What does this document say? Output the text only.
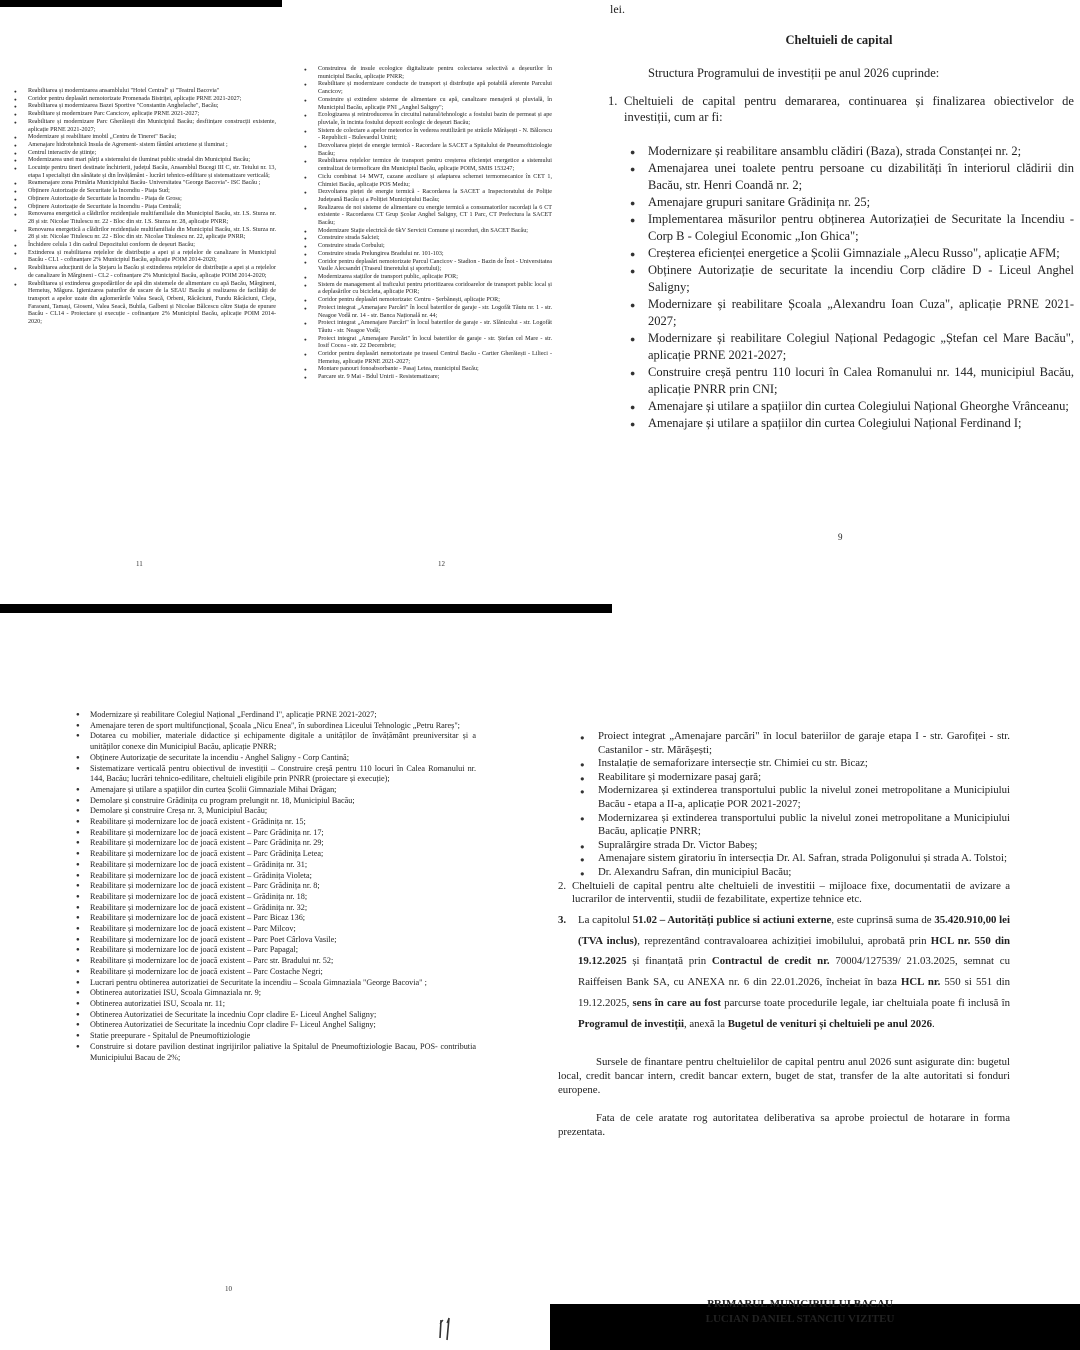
● Reabilitarea și modernizarea ansamblului "Hotel Central" și "Teatrul Bacovia"
● Coridor pentru deplasări nemotorizate Promenada Bistriței, aplicație PRNE 2021-2027;
● Reabilitarea și modernizarea Bazei Sportive "Constantin Anghelache", Bacău;
● Reabilitare și modernizare Parc Cancicov, aplicație PRNE 2021-2027;
● Reabilitare și modernizare Parc Gherăiești din Municipiul Bacău; desființare construcții existente, aplicație PRNE 2021-2027;
● Modernizare și reabilitare imobil „Centru de Tineret" Bacău;
● Amenajare hidrotehnică Insula de Agrement- sistem fântâni arteziene și iluminat ;
● Centrul interactiv de științe;
● Modernizarea unei mari părți a sistemului de iluminat public stradal din Municipiul Bacău;
● Locuințe pentru tineri destinate închirierii, județul Bacău, Ansamblul Bucegi III C, str. Teiului nr. 13, etapa I specialiști din sănătate și din învățământ - lucrări tehnico-edilitare și sistematizare verticală;
● Reamenajare zona Primăria Municipiului Bacău- Universitatea "George Bacovia"- ISC Bacău ;
● Obținere Autorizație de Securitate la Incendiu - Piața Sud;
● Obținere Autorizație de Securitate la Incendiu - Piața de Gross;
● Obținere Autorizație de Securitate la Incendiu - Piața Centrală;
● Renovarea energetică a clădirilor rezidențiale multifamiliale din Municipiul Bacău, str. I.S. Sturza nr. 28 și str. Nicolae Titulescu nr. 22 - Bloc din str. I.S. Sturza nr. 28, aplicație PNRR;
● Renovarea energetică a clădirilor rezidențiale multifamiliale din Municipiul Bacău, str. I.S. Sturza nr. 28 și str. Nicolae Titulescu nr. 22 - Bloc din str. Nicolae Titulescu nr. 22, aplicație PNRR;
● Închidere celula 1 din cadrul Depozitului conform de deșeuri Bacău;
● Extinderea și reabilitarea rețelelor de distribuție a apei și a rețelelor de canalizare în Municipiul Bacău - CL1 - cofinanțare 2% Municipiul Bacău, aplicație POIM 2014-2020;
● Reabilitarea aducțiunii de la Ștejaru la Bacău și extinderea rețelelor de distribuție a apei și a rețelelor de canalizare în Mărgineni - CL2 - cofinanțare 2% Municipiul Bacău, aplicație POIM 2014-2020;
● Reabilitarea și extinderea gospodăriilor de apă din sistemele de alimentare cu apă Bacău, Mărgineni, Hemeiuș, Măgura. Igienizarea paturilor de uscare de la SEAU Bacău și realizarea de facilități de transport a apelor uzate din aglomerările Valea Seacă, Orbeni, Răcăciuni, Fundu Răcăciuni, Cleja, Faraoani, Tamași, Gioseni, Valea Seacă, Buhila, Galbeni și Nicolae Bălcescu către Stația de epurare Bacău - CL14 - Proiectare și execuție - cofinanțare 2% Municipiul Bacău, aplicație POIM 2014-2020;
11
● Construirea de insule ecologice digitalizate pentru colectarea selectivă a deșeurilor în municipiul Bacău, aplicație PNRR;
● Reabilitare și modernizare conducte de transport și distribuție apă potabilă aferente Parcului Cancicov;
● Construire și extindere sisteme de alimentare cu apă, canalizare menajeră și pluvială, în Municipiul Bacău, aplicație PNI „Anghel Saligny";
● Ecologizarea și reintroducerea în circuitul natural/tehnologic a fostului bazin de permeat și ape pluviale, în incinta fostului depozit ecologic de deșeuri Bacău;
● Sistem de colectare a apelor meteorice în vederea reutilizării pe străzile Mărășești - N. Bălcescu - Republicii - Bulevardul Unirii;
● Dezvoltarea pieței de energie termică - Racordare la SACET a Spitalului de Pneumoftiziologie Bacău;
● Reabilitarea rețelelor termice de transport pentru creșterea eficienței energetice a sistemului centralizat de termoficare din Municipiul Bacău, aplicație POIM, SMIS 153247;
● Ciclu combinat 14 MWT, cazane auxiliare și adaptarea schemei termomecanice în CET 1, Chimiei Bacău, aplicație POS Mediu;
● Dezvoltarea pieței de energie termică - Racordarea la SACET a Inspectoratului de Poliție Județeană Bacău și a Poliției Municipiului Bacău;
● Realizarea de noi sisteme de alimentare cu energie termică a consumatorilor racordați la 6 CT existente - Racordarea CT Grup Școlar Anghel Saligny, CT 1 Parc, CT Prefectura la SACET Bacău;
● Modernizare Stație electrică de 6kV Servicii Comune și racorduri, din SACET Bacău;
● Construire strada Salciei;
● Construire strada Corbului;
● Construire strada Prelungirea Bradului nr. 101-103;
● Coridor pentru deplasări nemotorizate Parcul Cancicov - Stadion - Bazin de Înot - Universitatea Vasile Alecsandri (Traseul tineretului și sportului);
● Modernizarea stațiilor de transport public, aplicație POR;
● Sistem de management al traficului pentru prioritizarea coridoarelor de transport public local și a deplasărilor cu bicicleta, aplicație POR;
● Coridor pentru deplasări nemotorizate: Centru - Șerbănești, aplicație POR;
● Proiect integrat „Amenajare Parcări" în locul bateriilor de garaje - str. Logofăt Tăutu nr. 1 - str. Neagoe Vodă nr. 14 - str. Banca Națională nr. 44;
● Proiect integrat „Amenajare Parcări" în locul bateriilor de garaje - str. Slănicului - str. Logofăt Tăutu - str. Neagoe Vodă;
● Proiect integrat „Amenajare Parcări" în locul bateriilor de garaje - str. Ștefan cel Mare - str. Iosif Cocea - str. 22 Decembrie;
● Coridor pentru deplasări nemotorizate pe traseul Centrul Bacău - Cartier Gherăiești - Lilieci - Hemeiuș, aplicație PRNE 2021-2027;
● Montare panouri fonoabsorbante - Pasaj Letea, municipiul Bacău;
● Parcare str. 9 Mai - Bdul Unirii - Resistematizare;
12
lei.
Cheltuieli de capital
Structura Programului de investiții pe anul 2026 cuprinde:
1. Cheltuieli de capital pentru demararea, continuarea și finalizarea obiectivelor de investiții, cum ar fi:
● Modernizare și reabilitare ansamblu clădiri (Baza), strada Constanței nr. 2;
● Amenajarea unei toalete pentru persoane cu dizabilități în interiorul clădirii din Bacău, str. Henri Coandă nr. 2;
● Amenajare grupuri sanitare Grădinița nr. 25;
● Implementarea măsurilor pentru obținerea Autorizației de Securitate la Incendiu - Corp B - Colegiul Economic „Ion Ghica";
● Creșterea eficienței energetice a Școlii Gimnaziale „Alecu Russo", aplicație AFM;
● Obținere Autorizație de securitate la incendiu Corp clădire D - Liceul Anghel Saligny;
● Modernizare și reabilitare Școala „Alexandru Ioan Cuza", aplicație PRNE 2021-2027;
● Modernizare și reabilitare Colegiul Național Pedagogic „Ștefan cel Mare Bacău", aplicație PRNE 2021-2027;
● Construire creșă pentru 110 locuri în Calea Romanului nr. 144, municipiul Bacău, aplicație PNRR prin CNI;
● Amenajare și utilare a spațiilor din curtea Colegiului Național Gheorghe Vrânceanu;
● Amenajare și utilare a spațiilor din curtea Colegiului Național Ferdinand I;
9
● Modernizare și reabilitare Colegiul Național „Ferdinand I", aplicație PRNE 2021-2027;
● Amenajare teren de sport multifuncțional, Școala „Nicu Enea", în subordinea Liceului Tehnologic „Petru Rareș";
● Dotarea cu mobilier, materiale didactice și echipamente digitale a unităților de învățământ preuniversitar și a unităților conexe din Municipiul Bacău, aplicație PNRR;
● Obținere Autorizație de securitate la incendiu - Anghel Saligny - Corp Cantină;
● Sistematizare verticală pentru obiectivul de investiții – Construire creșă pentru 110 locuri în Calea Romanului nr. 144, Bacău; lucrări tehnico-edilitare, cheltuieli eligibile prin PNRR (proiectare și execuție);
● Amenajare și utilare a spațiilor din curtea Școlii Gimnaziale Mihai Drăgan;
● Demolare și construire Grădinița cu program prelungit nr. 18, Municipiul Bacău;
● Demolare și construire Creșa nr. 3, Municipiul Bacău;
● Reabilitare și modernizare loc de joacă existent - Grădinița nr. 15;
● Reabilitare și modernizare loc de joacă existent – Parc Grădinița nr. 17;
● Reabilitare și modernizare loc de joacă existent – Parc Grădinița nr. 29;
● Reabilitare și modernizare loc de joacă existent – Parc Grădinița Letea;
● Reabilitare și modernizare loc de joacă existent – Grădinița nr. 31;
● Reabilitare și modernizare loc de joacă existent – Grădinița Violeta;
● Reabilitare și modernizare loc de joacă existent – Parc Grădinița nr. 8;
● Reabilitare și modernizare loc de joacă existent – Grădinița nr. 18;
● Reabilitare și modernizare loc de joacă existent – Grădinița nr. 32;
● Reabilitare și modernizare loc de joacă existent – Parc Bicaz 136;
● Reabilitare și modernizare loc de joacă existent – Parc Milcov;
● Reabilitare și modernizare loc de joacă existent – Parc Poet Cârlova Vasile;
● Reabilitare și modernizare loc de joacă existent – Parc Papagal;
● Reabilitare și modernizare loc de joacă existent – Parc str. Bradului nr. 52;
● Reabilitare și modernizare loc de joacă existent – Parc Costache Negri;
● Lucrari pentru obtinerea autorizatiei de Securitate la incendiu – Scoala Gimnaziala "George Bacovia" ;
● Obtinerea autorizatiei ISU, Scoala Gimnaziala nr. 9;
● Obtinerea autorizatiei ISU, Scoala nr. 11;
● Obtinerea Autorizatiei de Securitate la incedniu Copr cladire E- Liceul Anghel Saligny;
● Obtinerea Autorizatiei de Securitate la incedniu Copr cladire F- Liceul Anghel Saligny;
● Statie preepurare - Spitalul de Pneumoftiziologie
● Construire si dotare pavilion destinat ingrijirilor paliative la Spitalul de Pneumoftiziologie Bacau, POS- contributia Municipiului Bacau de 2%;
10
● Proiect integrat „Amenajare parcări" în locul bateriilor de garaje etapa I - str. Garofiței - str. Castanilor - str. Mărășești;
● Instalație de semaforizare intersecție str. Chimiei cu str. Bicaz;
● Reabilitare și modernizare pasaj gară;
● Modernizarea și extinderea transportului public la nivelul zonei metropolitane a Municipiului Bacău - etapa a II-a, aplicație POR 2021-2027;
● Modernizarea și extinderea transportului public la nivelul zonei metropolitane a Municipiului Bacău, aplicație PNRR;
● Supralărgire strada Dr. Victor Babeș;
● Amenajare sistem giratoriu în intersecția Dr. Al. Safran, strada Poligonului și strada A. Tolstoi;
● Dr. Alexandru Safran, din municipiul Bacău;
2. Cheltuieli de capital pentru alte cheltuieli de investitii – mijloace fixe, documentatii de avizare a lucrarilor de interventii, studii de fezabilitate, expertize tehnice etc.
3. La capitolul 51.02 – Autorități publice si actiuni externe, este cuprinsă suma de 35.420.910,00 lei (TVA inclus), reprezentând contravaloarea achiziției imobilului, aprobată prin HCL nr. 550 din 19.12.2025 și finanțată prin Contractul de credit nr. 70004/127539/ 21.03.2025, semnat cu Raiffeisen Bank SA, cu ANEXA nr. 6 din 22.01.2026, încheiat în baza HCL nr. 550 si 551 din 19.12.2025, sens în care au fost parcurse toate procedurile legale, iar cheltuiala poate fi inclusă în Programul de investiții, anexă la Bugetul de venituri și cheltuieli pe anul 2026.
Sursele de finantare pentru cheltuielilor de capital pentru anul 2026 sunt asigurate din: bugetul local, credit bancar intern, credit bancar extern, buget de stat, transfer de la alte autoritati si fonduri europene.
Fata de cele aratate rog autoritatea deliberativa sa aprobe proiectul de hotarare in forma prezentata.
PRIMARUL MUNICIPIULUI BACAU
LUCIAN DANIEL STANCIU VIZITEU
